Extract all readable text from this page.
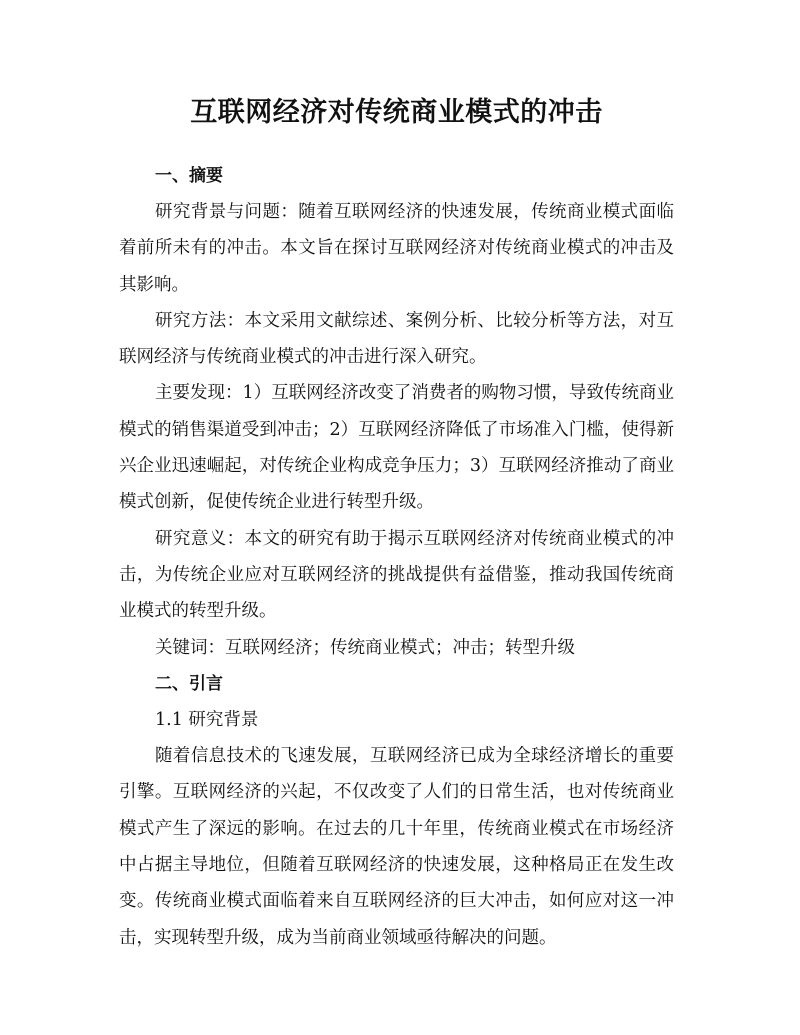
互联网经济对传统商业模式的冲击
一、摘要

研究背景与问题：随着互联网经济的快速发展，传统商业模式面临着前所未有的冲击。本文旨在探讨互联网经济对传统商业模式的冲击及其影响。

研究方法：本文采用文献综述、案例分析、比较分析等方法，对互联网经济与传统商业模式的冲击进行深入研究。

主要发现：1）互联网经济改变了消费者的购物习惯，导致传统商业模式的销售渠道受到冲击；2）互联网经济降低了市场准入门槛，使得新兴企业迅速崛起，对传统企业构成竞争压力；3）互联网经济推动了商业模式创新，促使传统企业进行转型升级。

研究意义：本文的研究有助于揭示互联网经济对传统商业模式的冲击，为传统企业应对互联网经济的挑战提供有益借鉴，推动我国传统商业模式的转型升级。

关键词：互联网经济；传统商业模式；冲击；转型升级

二、引言

1.1 研究背景

随着信息技术的飞速发展，互联网经济已成为全球经济增长的重要引擎。互联网经济的兴起，不仅改变了人们的日常生活，也对传统商业模式产生了深远的影响。在过去的几十年里，传统商业模式在市场经济中占据主导地位，但随着互联网经济的快速发展，这种格局正在发生改变。传统商业模式面临着来自互联网经济的巨大冲击，如何应对这一冲击，实现转型升级，成为当前商业领域亟待解决的问题。
